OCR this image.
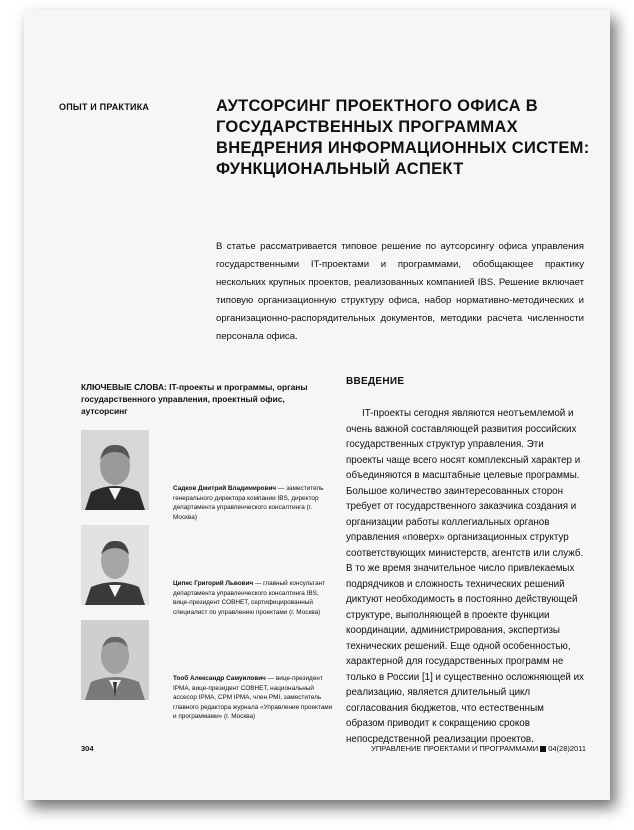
ОПЫТ И ПРАКТИКА	АУТСОРСИНГ ПРОЕКТНОГО ОФИСА В ГОСУДАРСТВЕННЫХ ПРОГРАММАХ ВНЕДРЕНИЯ ИНФОРМАЦИОННЫХ СИСТЕМ: ФУНКЦИОНАЛЬНЫЙ АСПЕКТ

В статье рассматривается типовое решение по аутсорсингу офиса управления государственными IT-проектами и программами, обобщающее практику нескольких крупных проектов, реализованных компанией IBS. Решение включает типовую организационную структуру офиса, набор нормативно-методических и организационно-распорядительных документов, методики расчета численности персонала офиса.

КЛЮЧЕВЫЕ СЛОВА: IT-проекты и программы, органы государственного управления, проектный офис, аутсорсинг

Садков Дмитрий Владимирович — заместитель генерального директора компании IBS, директор департамента управленческого консалтинга (г. Москва)

Ципес Григорий Львович — главный консультант департамента управленческого консалтинга IBS, вице-президент СОВНЕТ, сертифицированный специалист по управлению проектами (г. Москва)

Тооб Александр Самуилович — вице-президент IPMA, вице-президент СОВНЕТ, национальный ассесор IPMA, CPM IPMA, член PMI, заместитель главного редактора журнала «Управление проектами и программами» (г. Москва)

ВВЕДЕНИЕ

IT-проекты сегодня являются неотъемлемой и очень важной составляющей развития российских государственных структур управления. Эти проекты чаще всего носят комплексный характер и объединяются в масштабные целевые программы. Большое количество заинтересованных сторон требует от государственного заказчика создания и организации работы коллегиальных органов управления «поверх» организационных структур соответствующих министерств, агентств или служб. В то же время значительное число привлекаемых подрядчиков и сложность технических решений диктуют необходимость в постоянно действующей структуре, выполняющей в проекте функции координации, администрирования, экспертизы технических решений. Еще одной особенностью, характерной для государственных программ не только в России [1] и существенно осложняющей их реализацию, является длительный цикл согласования бюджетов, что естественным образом приводит к сокращению сроков непосредственной реализации проектов.

304	УПРАВЛЕНИЕ ПРОЕКТАМИ И ПРОГРАММАМИ 04(28)2011
